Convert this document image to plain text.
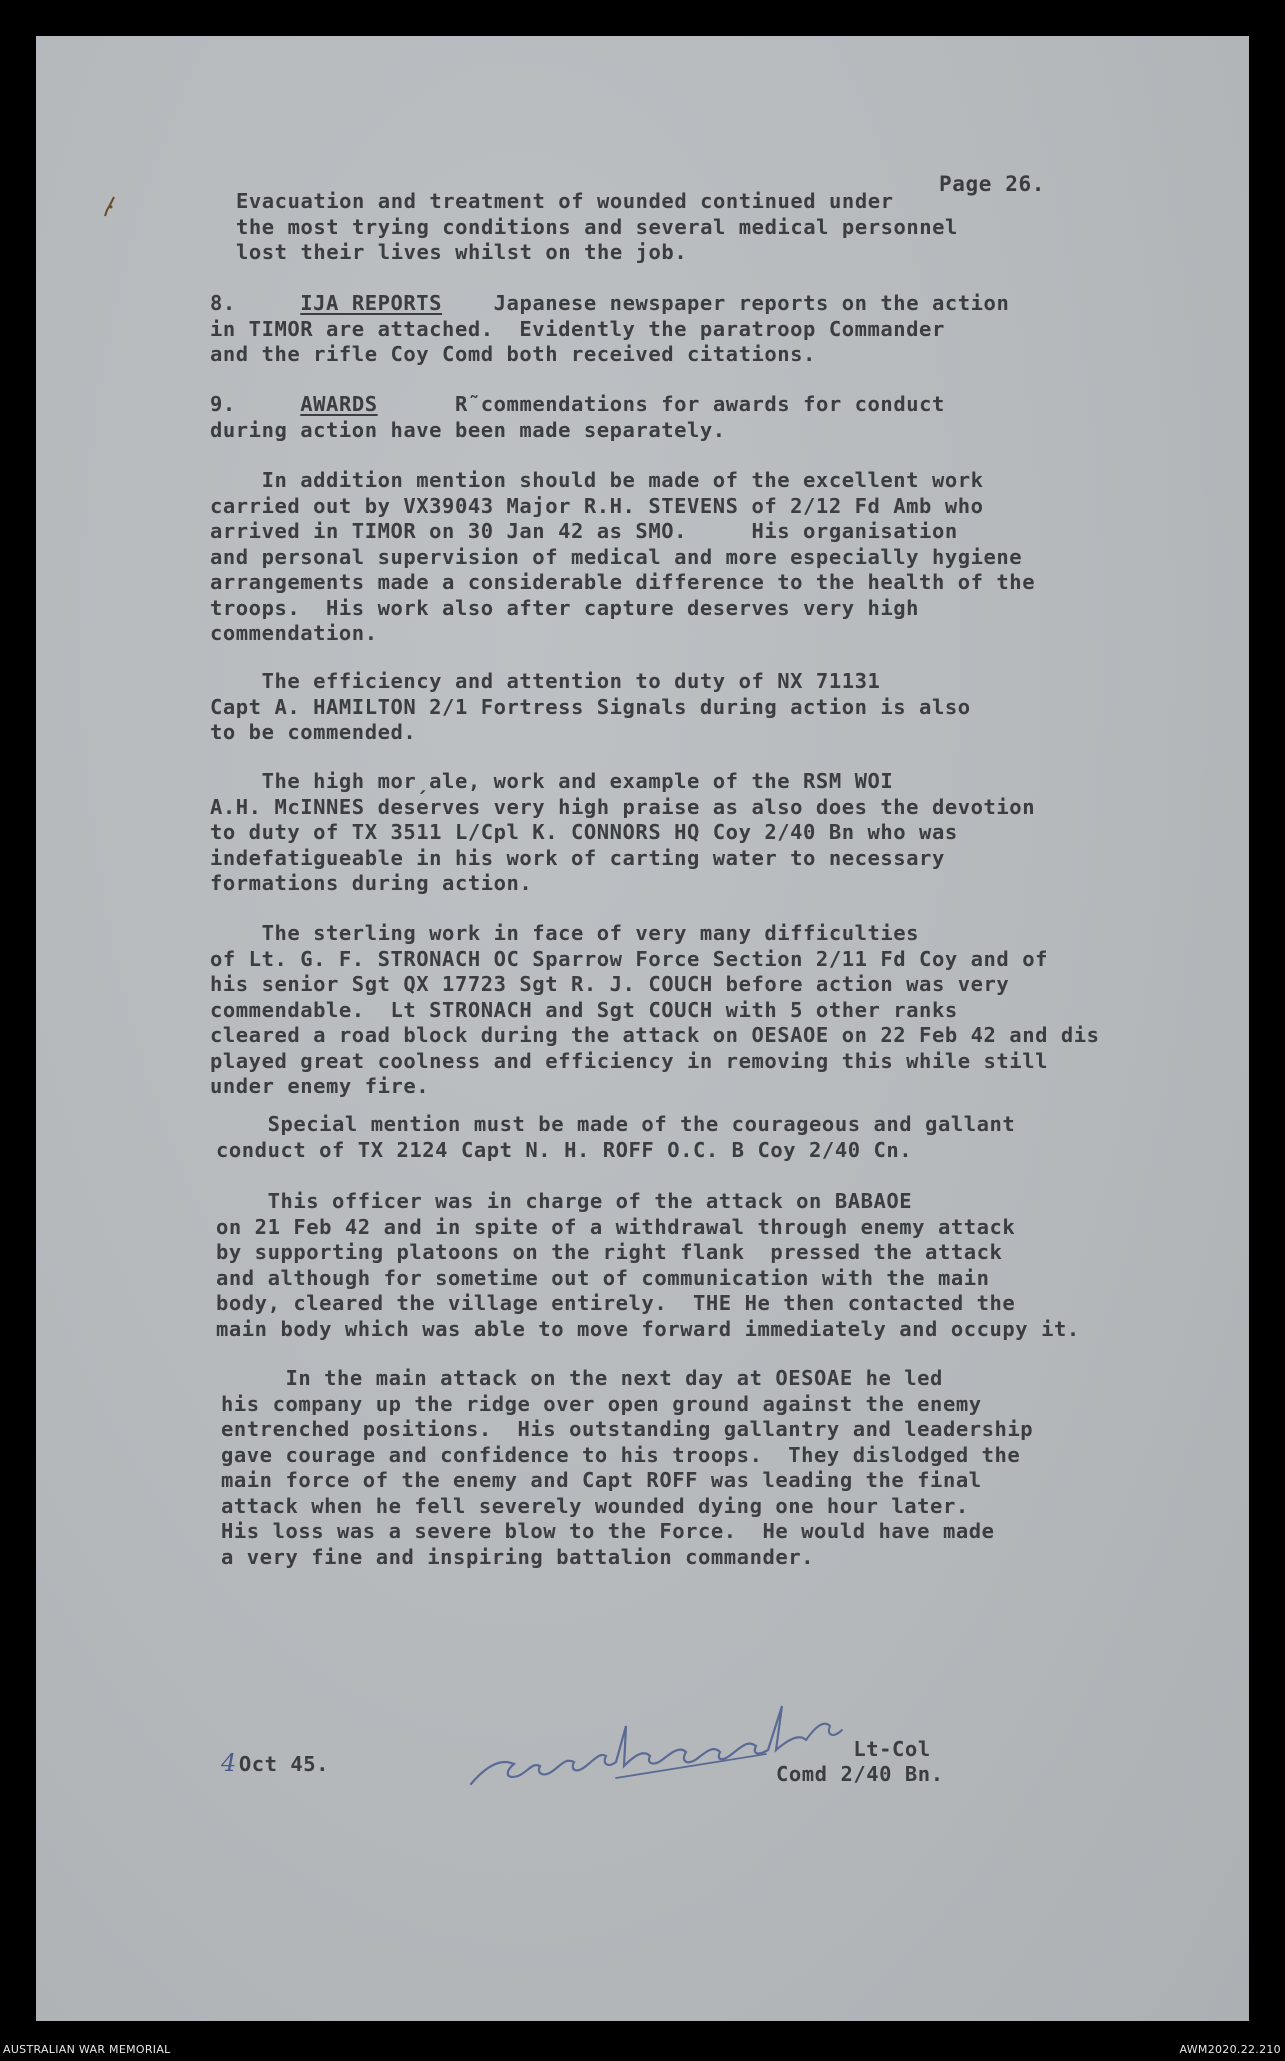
Page 26.
Evacuation and treatment of wounded continued under
the most trying conditions and several medical personnel
lost their lives whilst on the job.
8.	IJA REPORTS	Japanese newspaper reports on the action
in TIMOR are attached.  Evidently the paratroop Commander
and the rifle Coy Comd both received citations.
9.	AWARDS	R˜commendations for awards for conduct
during action have been made separately.
In addition mention should be made of the excellent work
carried out by VX39043 Major R.H. STEVENS of 2/12 Fd Amb who
arrived in TIMOR on 30 Jan 42 as SMO.     His organisation
and personal supervision of medical and more especially hygiene
arrangements made a considerable difference to the health of the
troops.  His work also after capture deserves very high
commendation.
The efficiency and attention to duty of NX 71131
Capt A. HAMILTON 2/1 Fortress Signals during action is also
to be commended.
The high morˏale, work and example of the RSM WOI
A.H. McINNES deserves very high praise as also does the devotion
to duty of TX 3511 L/Cpl K. CONNORS HQ Coy 2/40 Bn who was
indefatigueable in his work of carting water to necessary
formations during action.
The sterling work in face of very many difficulties
of Lt. G. F. STRONACH OC Sparrow Force Section 2/11 Fd Coy and of
his senior Sgt QX 17723 Sgt R. J. COUCH before action was very
commendable.  Lt STRONACH and Sgt COUCH with 5 other ranks
cleared a road block during the attack on OESAOE on 22 Feb 42 and dis
played great coolness and efficiency in removing this while still
under enemy fire.
Special mention must be made of the courageous and gallant
conduct of TX 2124 Capt N. H. ROFF O.C. B Coy 2/40 Cn.
This officer was in charge of the attack on BABAOE
on 21 Feb 42 and in spite of a withdrawal through enemy attack
by supporting platoons on the right flank  pressed the attack
and although for sometime out of communication with the main
body, cleared the village entirely.  THE He then contacted the
main body which was able to move forward immediately and occupy it.
In the main attack on the next day at OESOAE he led
his company up the ridge over open ground against the enemy
entrenched positions.  His outstanding gallantry and leadership
gave courage and confidence to his troops.  They dislodged the
main force of the enemy and Capt ROFF was leading the final
attack when he fell severely wounded dying one hour later.
His loss was a severe blow to the Force.  He would have made
a very fine and inspiring battalion commander.
Lt-Col
Comd 2/40 Bn.
4Oct 45.
AUSTRALIAN WAR MEMORIAL	AWM2020.22.210
